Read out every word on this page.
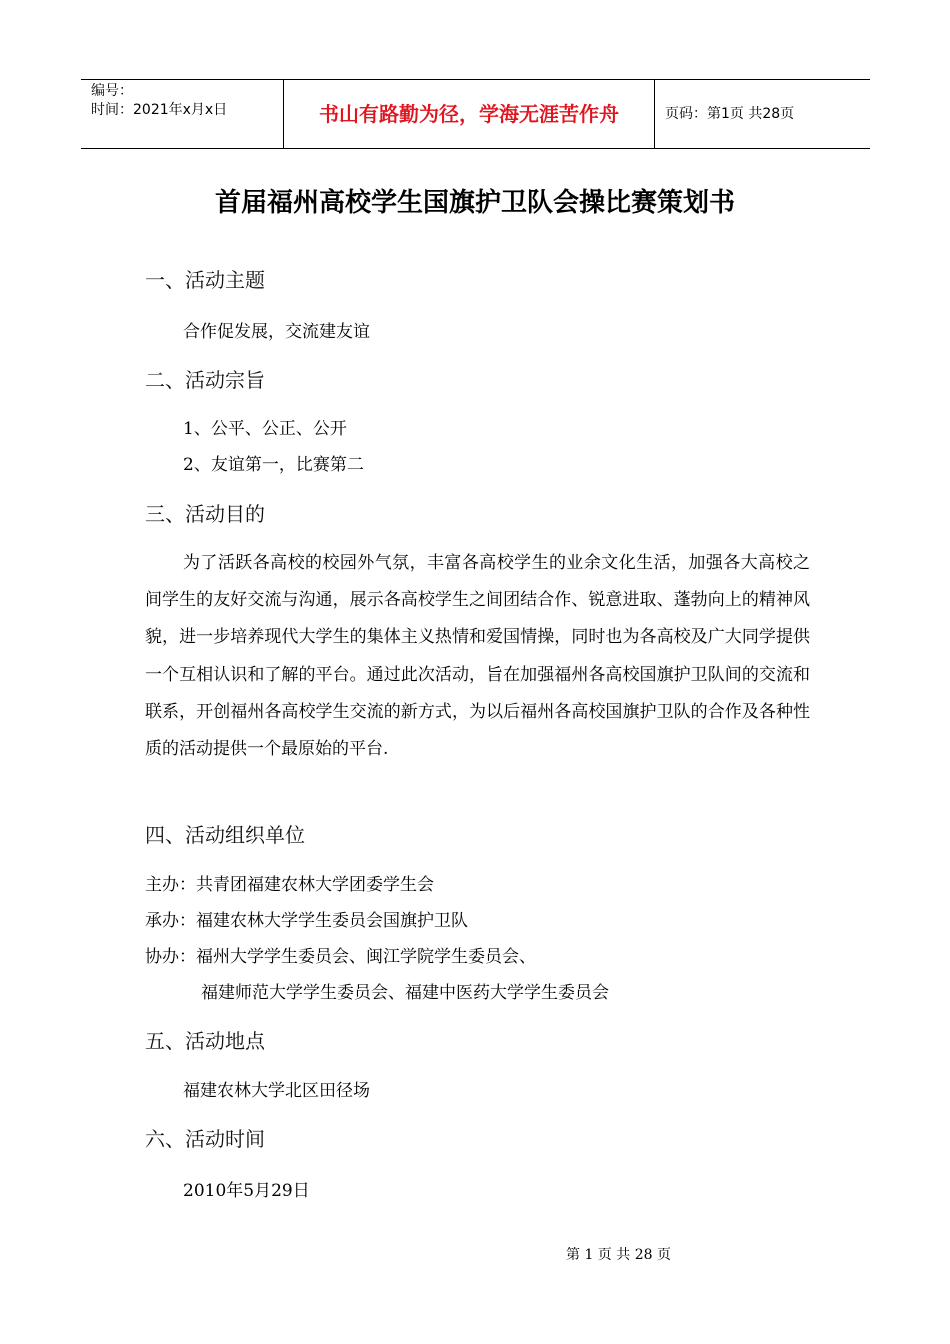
编号：
时间：2021年x月x日	书山有路勤为径，学海无涯苦作舟	页码：第1页 共28页
首届福州高校学生国旗护卫队会操比赛策划书
一、活动主题

合作促发展，交流建友谊

二、活动宗旨

1、公平、公正、公开

2、友谊第一，比赛第二

三、活动目的

为了活跃各高校的校园外气氛，丰富各高校学生的业余文化生活，加强各大高校之间学生的友好交流与沟通，展示各高校学生之间团结合作、锐意进取、蓬勃向上的精神风貌，进一步培养现代大学生的集体主义热情和爱国情操，同时也为各高校及广大同学提供一个互相认识和了解的平台。通过此次活动，旨在加强福州各高校国旗护卫队间的交流和联系，开创福州各高校学生交流的新方式，为以后福州各高校国旗护卫队的合作及各种性质的活动提供一个最原始的平台.

四、活动组织单位

主办：共青团福建农林大学团委学生会

承办：福建农林大学学生委员会国旗护卫队

协办：福州大学学生委员会、闽江学院学生委员会、

福建师范大学学生委员会、福建中医药大学学生委员会

五、活动地点

福建农林大学北区田径场

六、活动时间

2010年5月29日

第 1 页 共 28 页
